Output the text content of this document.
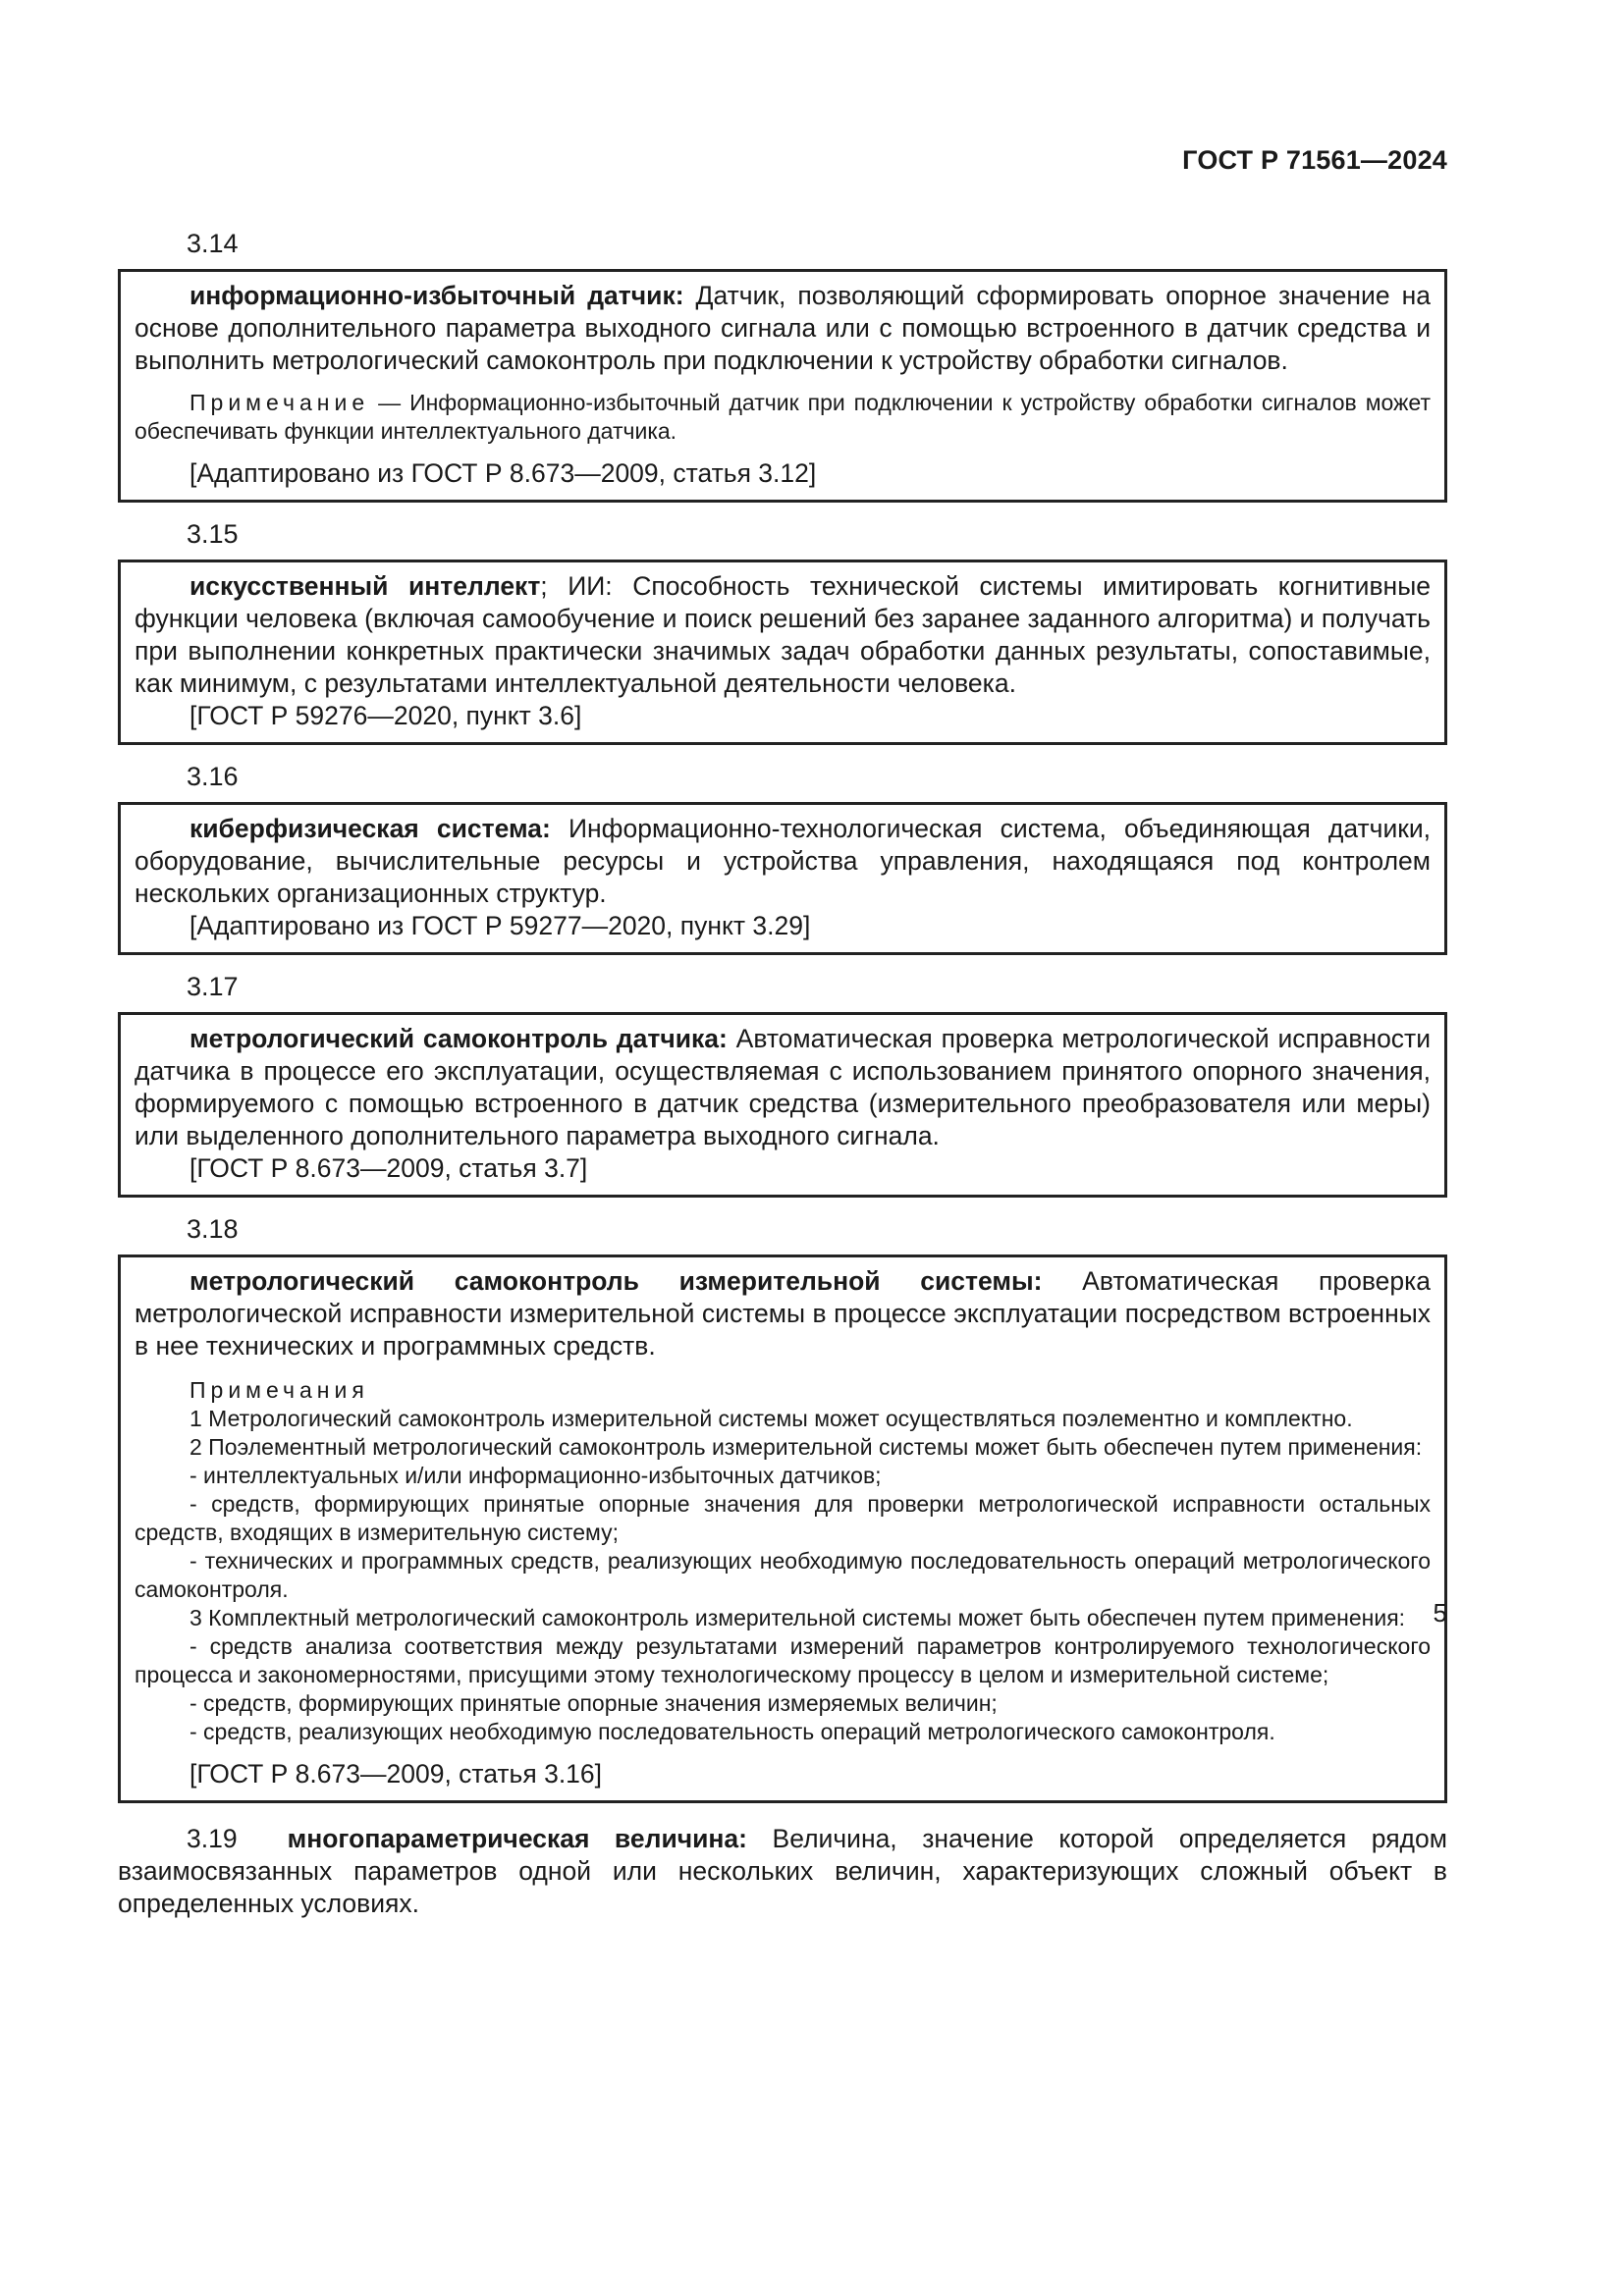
ГОСТ Р 71561—2024
3.14

информационно-избыточный датчик: Датчик, позволяющий сформировать опорное значение на основе дополнительного параметра выходного сигнала или с помощью встроенного в датчик средства и выполнить метрологический самоконтроль при подключении к устройству обработки сигналов.

Примечание — Информационно-избыточный датчик при подключении к устройству обработки сигналов может обеспечивать функции интеллектуального датчика.

[Адаптировано из ГОСТ Р 8.673—2009, статья 3.12]

3.15

искусственный интеллект; ИИ: Способность технической системы имитировать когнитивные функции человека (включая самообучение и поиск решений без заранее заданного алгоритма) и получать при выполнении конкретных практически значимых задач обработки данных результаты, сопоставимые, как минимум, с результатами интеллектуальной деятельности человека.

[ГОСТ Р 59276—2020, пункт 3.6]

3.16

киберфизическая система: Информационно-технологическая система, объединяющая датчики, оборудование, вычислительные ресурсы и устройства управления, находящаяся под контролем нескольких организационных структур.

[Адаптировано из ГОСТ Р 59277—2020, пункт 3.29]

3.17

метрологический самоконтроль датчика: Автоматическая проверка метрологической исправности датчика в процессе его эксплуатации, осуществляемая с использованием принятого опорного значения, формируемого с помощью встроенного в датчик средства (измерительного преобразователя или меры) или выделенного дополнительного параметра выходного сигнала.

[ГОСТ Р 8.673—2009, статья 3.7]

3.18

метрологический самоконтроль измерительной системы: Автоматическая проверка метрологической исправности измерительной системы в процессе эксплуатации посредством встроенных в нее технических и программных средств.

Примечания

1 Метрологический самоконтроль измерительной системы может осуществляться поэлементно и комплектно.

2 Поэлементный метрологический самоконтроль измерительной системы может быть обеспечен путем применения:

- интеллектуальных и/или информационно-избыточных датчиков;

- средств, формирующих принятые опорные значения для проверки метрологической исправности остальных средств, входящих в измерительную систему;

- технических и программных средств, реализующих необходимую последовательность операций метрологического самоконтроля.

3 Комплектный метрологический самоконтроль измерительной системы может быть обеспечен путем применения:

- средств анализа соответствия между результатами измерений параметров контролируемого технологического процесса и закономерностями, присущими этому технологическому процессу в целом и измерительной системе;

- средств, формирующих принятые опорные значения измеряемых величин;

- средств, реализующих необходимую последовательность операций метрологического самоконтроля.

[ГОСТ Р 8.673—2009, статья 3.16]

3.19 многопараметрическая величина: Величина, значение которой определяется рядом взаимосвязанных параметров одной или нескольких величин, характеризующих сложный объект в определенных условиях.

5
